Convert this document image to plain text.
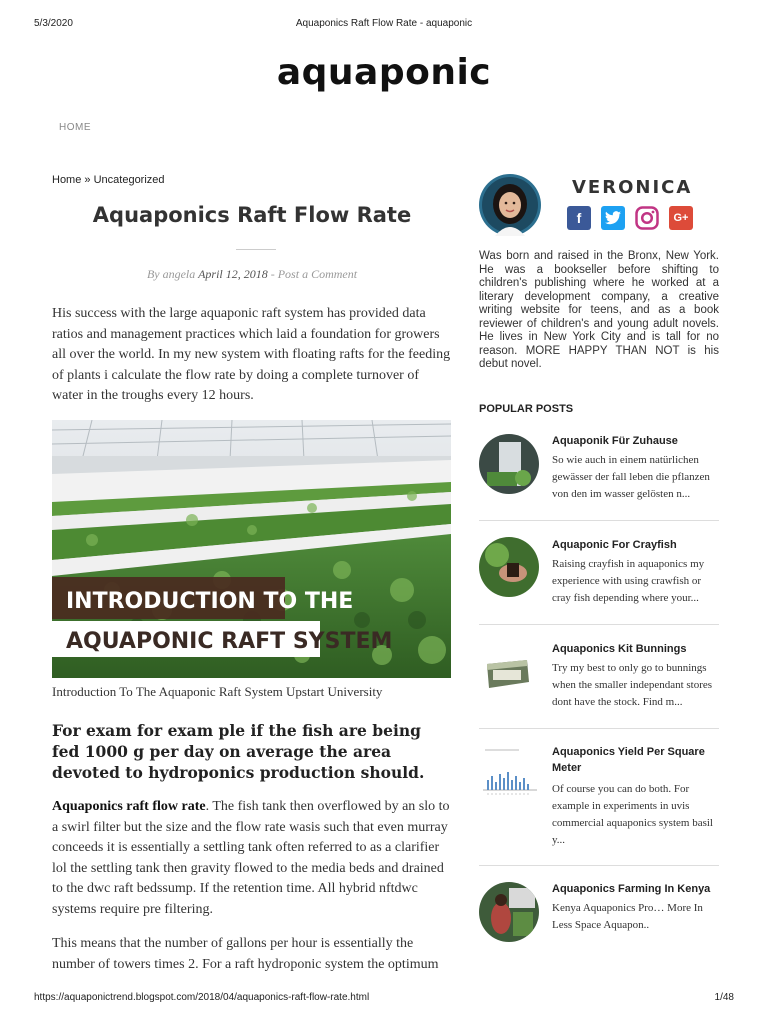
5/3/2020	Aquaponics Raft Flow Rate - aquaponic
aquaponic
HOME
Home » Uncategorized
Aquaponics Raft Flow Rate
By angela April 12, 2018 - Post a Comment

His success with the large aquaponic raft system has provided data ratios and management practices which laid a foundation for growers all over the world. In my new system with floating rafts for the feeding of plants i calculate the flow rate by doing a complete turnover of water in the troughs every 12 hours.

INTRODUCTION TO THE
AQUAPONIC RAFT SYSTEM
Introduction To The Aquaponic Raft System Upstart University
For exam for exam ple if the fish are being fed 1000 g per day on average the area devoted to hydroponics production should.

Aquaponics raft flow rate. The fish tank then overflowed by an slo to a swirl filter but the size and the flow rate wasis such that even murray conceeds it is essentially a settling tank often referred to as a clarifier lol the settling tank then gravity flowed to the media beds and drained to the dwc raft bedssump. If the retention time. All hybrid nftdwc systems require pre filtering.

This means that the number of gallons per hour is essentially the number of towers times 2. For a raft hydroponic system the optimum

VERONICA
f	G+

Was born and raised in the Bronx, New York. He was a bookseller before shifting to children's publishing where he worked at a literary development company, a creative writing website for teens, and as a book reviewer of children's and young adult novels. He lives in New York City and is tall for no reason. MORE HAPPY THAN NOT is his debut novel.

POPULAR POSTS
Aquaponik Für Zuhause
So wie auch in einem natürlichen gewässer der fall leben die pflanzen von den im wasser gelösten n...
Aquaponic For Crayfish
Raising crayfish in aquaponics my experience with using crawfish or cray fish depending where your...
Aquaponics Kit Bunnings
Try my best to only go to bunnings when the smaller independant stores dont have the stock. Find m...
Aquaponics Yield Per Square Meter
Of course you can do both. For example in experiments in uvis commercial aquaponics system basil y...
Aquaponics Farming In Kenya
Kenya Aquaponics Pro… More In Less Space Aquapon..
https://aquaponictrend.blogspot.com/2018/04/aquaponics-raft-flow-rate.html	1/48
